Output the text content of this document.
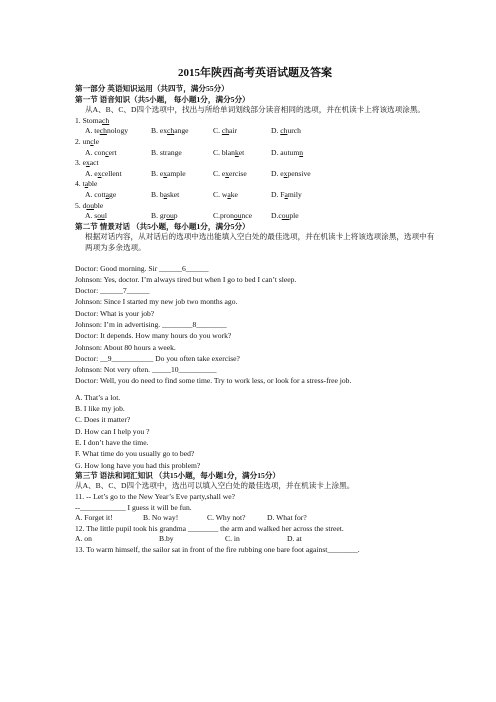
2015年陕西高考英语试题及答案
第一部分 英语知识运用（共四节，满分55分）
第一节 语音知识（共5小题， 每小题1分，满分5分）
从A、B、C、D四个选项中，找出与所给单词划线部分读音相同的选项，并在机读卡上将该选项涂黑。
1. Stomach
A. technology	B. exchange	C. chair	D. church
2. uncle
A. concert	B. strange	C. blanket	D. autumn
3. exact
A. excellent	B. example	C. exercise	D. expensive
4. table
A. cottage	B. basket	C. wake	D. Family
5. double
A. soul	B. group	C.pronounce	D.couple
第二节 情景对话 （共5小题，每小题1分，满分5分）
根据对话内容，从对话后的选项中选出能填入空白处的最佳选项，并在机读卡上将该选项涂黑，选项中有两项为多余选项。
Doctor: Good morning. Sir ______6______
Johnson: Yes, doctor. I’m always tired but when I go to bed I can’t sleep.
Doctor: ______7______
Johnson: Since I started my new job two months ago.
Doctor: What is your job?
Johnson: I’m in advertising. ________8________
Doctor: It depends. How many hours do you work?
Johnson: About 80 hours a week.
Doctor: __9___________ Do you often take exercise?
Johnson: Not very often. _____10__________
Doctor: Well, you do need to find some time. Try to work less, or look for a stress-free job.
A. That’s a lot.
B. I like my job.
C. Does it matter?
D. How can I help you ?
E. I don’t have the time.
F. What time do you usually go to bed?
G. How long have you had this problem?
第三节 语法和词汇知识 （共15小题，每小题1分，满分15分）
从A、B、C、D四个选项中，选出可以填入空白处的最佳选项，并在机读卡上涂黑。
11. -- Let’s go to the New Year’s Eve party,shall we?
--____________ I guess it will be fun.
A. Forget it!	B. No way!	C. Why not?	D. What for?
12. The little pupil took his grandma ________ the arm and walked her across the street.
A. on	B.by	C. in	D. at
13. To warm himself, the sailor sat in front of the fire rubbing one bare foot against________.
